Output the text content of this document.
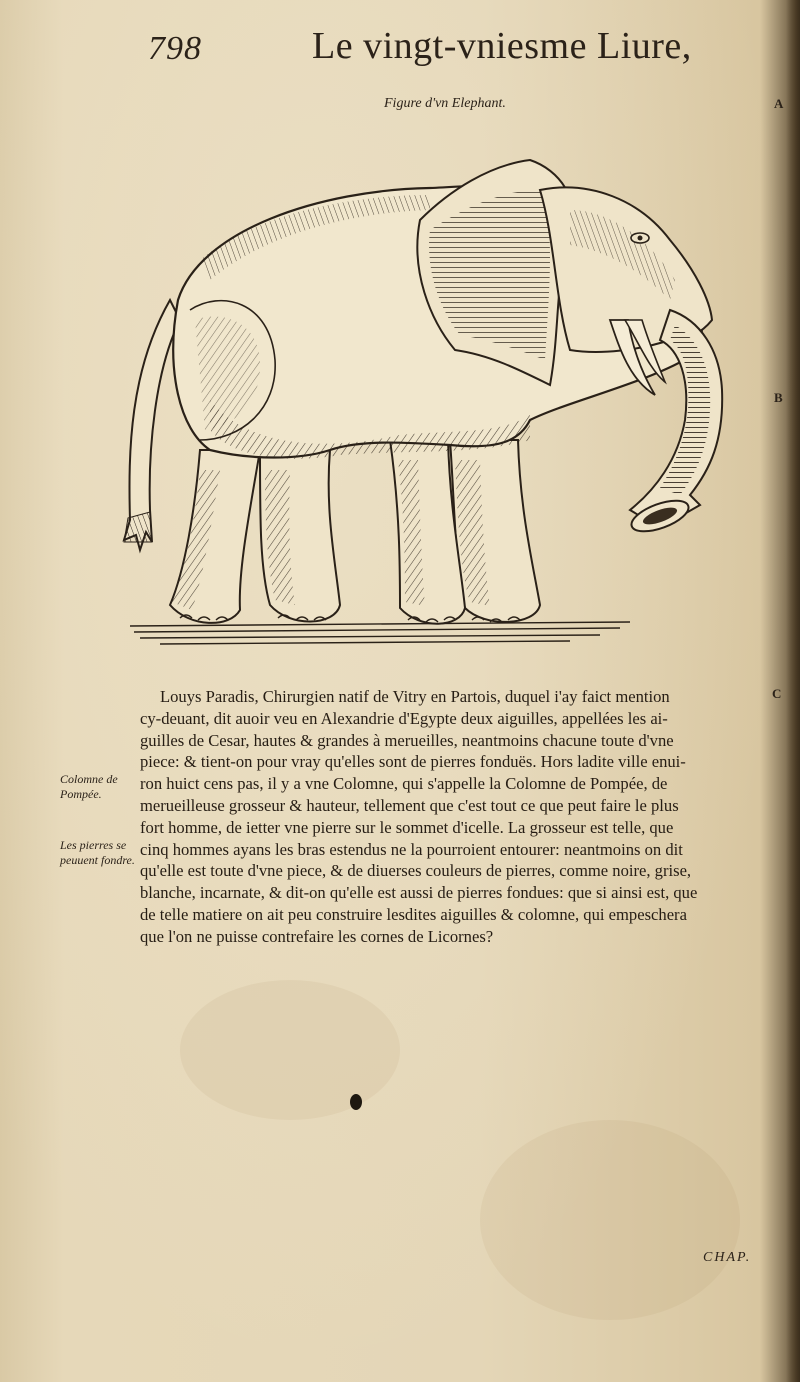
798	Le vingt-vniesme Liure,
Figure d'vn Elephant.	A
B
C
Louys Paradis, Chirurgien natif de Vitry en Partois, duquel i'ay faict mention
cy-deuant, dit auoir veu en Alexandrie d'Egypte deux aiguilles, appellées les ai-
guilles de Cesar, hautes & grandes à merueilles, neantmoins chacune toute d'vne
piece: & tient-on pour vray qu'elles sont de pierres fonduës. Hors ladite ville enui-
ron huict cens pas, il y a vne Colomne, qui s'appelle la Colomne de Pompée, de
merueilleuse grosseur & hauteur, tellement que c'est tout ce que peut faire le plus
fort homme, de ietter vne pierre sur le sommet d'icelle. La grosseur est telle, que
cinq hommes ayans les bras estendus ne la pourroient entourer: neantmoins on dit
qu'elle est toute d'vne piece, & de diuerses couleurs de pierres, comme noire, grise,
blanche, incarnate, & dit-on qu'elle est aussi de pierres fondues: que si ainsi est, que
de telle matiere on ait peu construire lesdites aiguilles & colomne, qui empeschera
que l'on ne puisse contrefaire les cornes de Licornes?
Colomne de Pompée.
Les pierres se peuuent fondre.
CHAP.
